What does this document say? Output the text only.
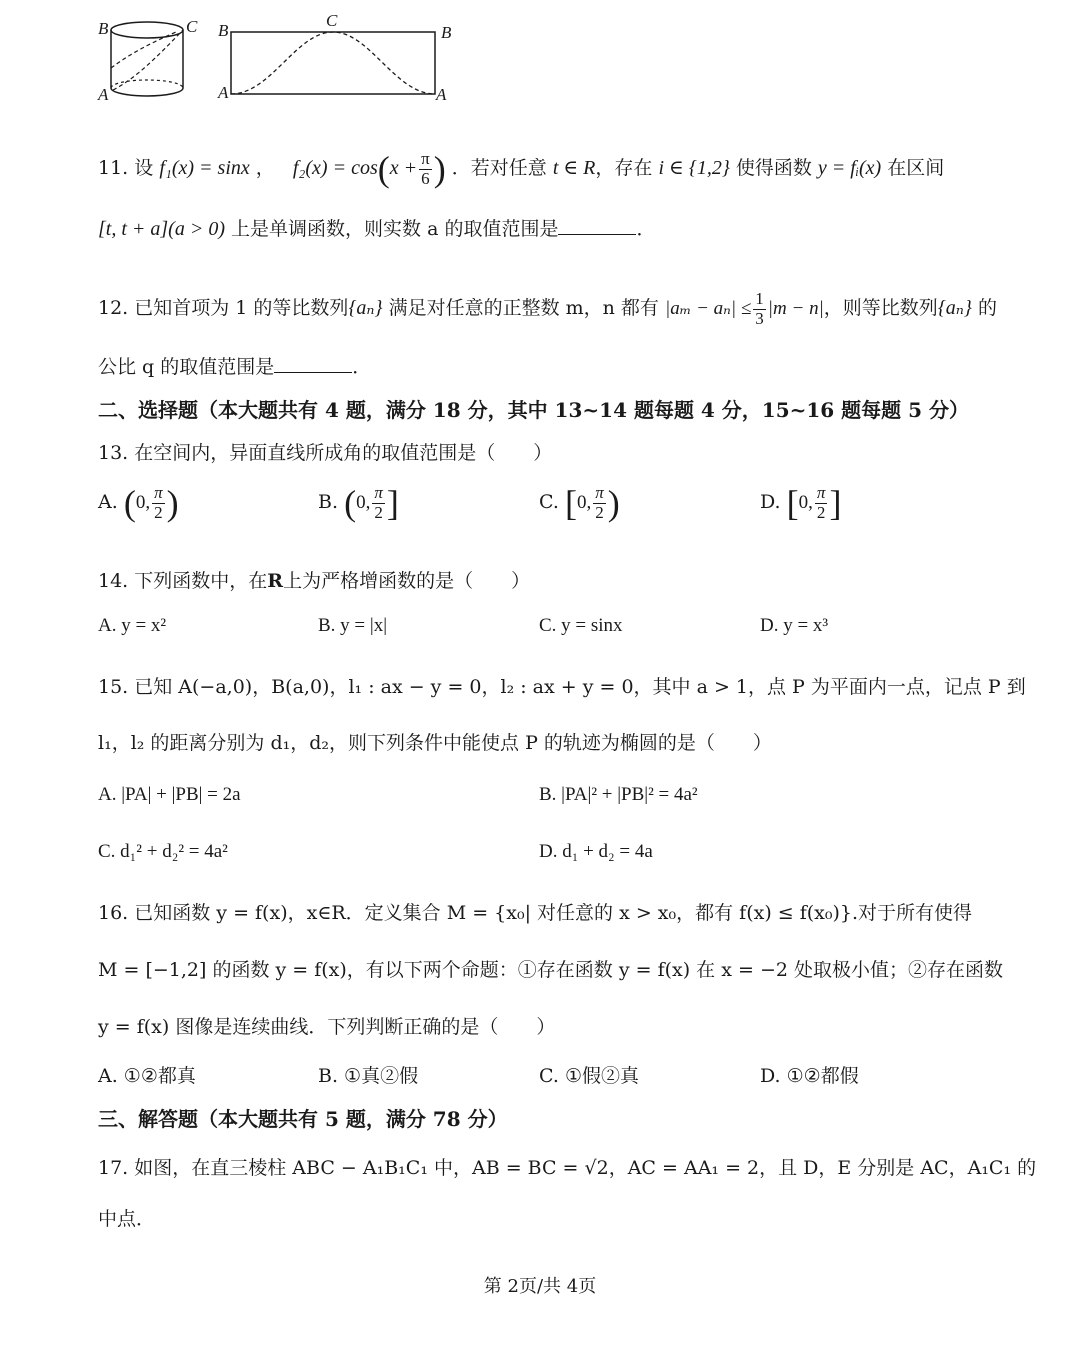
B	C
A
B
C
B
A	A
11. 设 f₁(x) = sinx ， $f_2(x) = \cos(x + \frac{\pi}{6}$ ) ．若对任意 t ∈ R，存在 i ∈ {1,2} 使得函数 y = fᵢ(x) 在区间
[t, t + a](a > 0) 上是单调函数，则实数 a 的取值范围是	．
12. 已知首项为 1 的等比数列{aₙ} 满足对任意的正整数 m，n 都有 $|a_m - a_n| \le \frac{1}{3} |m - n|$，则等比数列{aₙ} 的
公比 q 的取值范围是	．
二、选择题（本大题共有 4 题，满分 18 分，其中 13~14 题每题 4 分，15~16 题每题 5 分）
13. 在空间内，异面直线所成角的取值范围是（　　）
A. (0, $\frac{\pi}{2}$ )	B. (0, $\frac{\pi}{2}$ ]	C. [0, $\frac{\pi}{2}$ )	D. [0, $\frac{\pi}{2}$ ]
14. 下列函数中，在R上为严格增函数的是（　　）
A. y = x²	B. y = |x|	C. y = sinx	D. y = x³
15. 已知 A(−a,0)，B(a,0)，l₁ : ax − y = 0，l₂ : ax + y = 0，其中 a > 1，点 P 为平面内一点，记点 P 到
l₁，l₂ 的距离分别为 d₁，d₂，则下列条件中能使点 P 的轨迹为椭圆的是（　　）
A. |PA| + |PB| = 2a	B. |PA|² + |PB|² = 4a²
C. d₁² + d₂² = 4a²	D. d₁ + d₂ = 4a
16. 已知函数 y = f(x)，x∈R．定义集合 M = {x₀| 对任意的 x > x₀，都有 f(x) ≤ f(x₀)}.对于所有使得
M = [−1,2] 的函数 y = f(x)，有以下两个命题：①存在函数 y = f(x) 在 x = −2 处取极小值；②存在函数
y = f(x) 图像是连续曲线．下列判断正确的是（　　）
A. ①②都真	B. ①真②假	C. ①假②真	D. ①②都假
三、解答题（本大题共有 5 题，满分 78 分）
17. 如图，在直三棱柱 ABC − A₁B₁C₁ 中，AB = BC = √2，AC = AA₁ = 2，且 D，E 分别是 AC，A₁C₁ 的
中点．
第 2页/共 4页
